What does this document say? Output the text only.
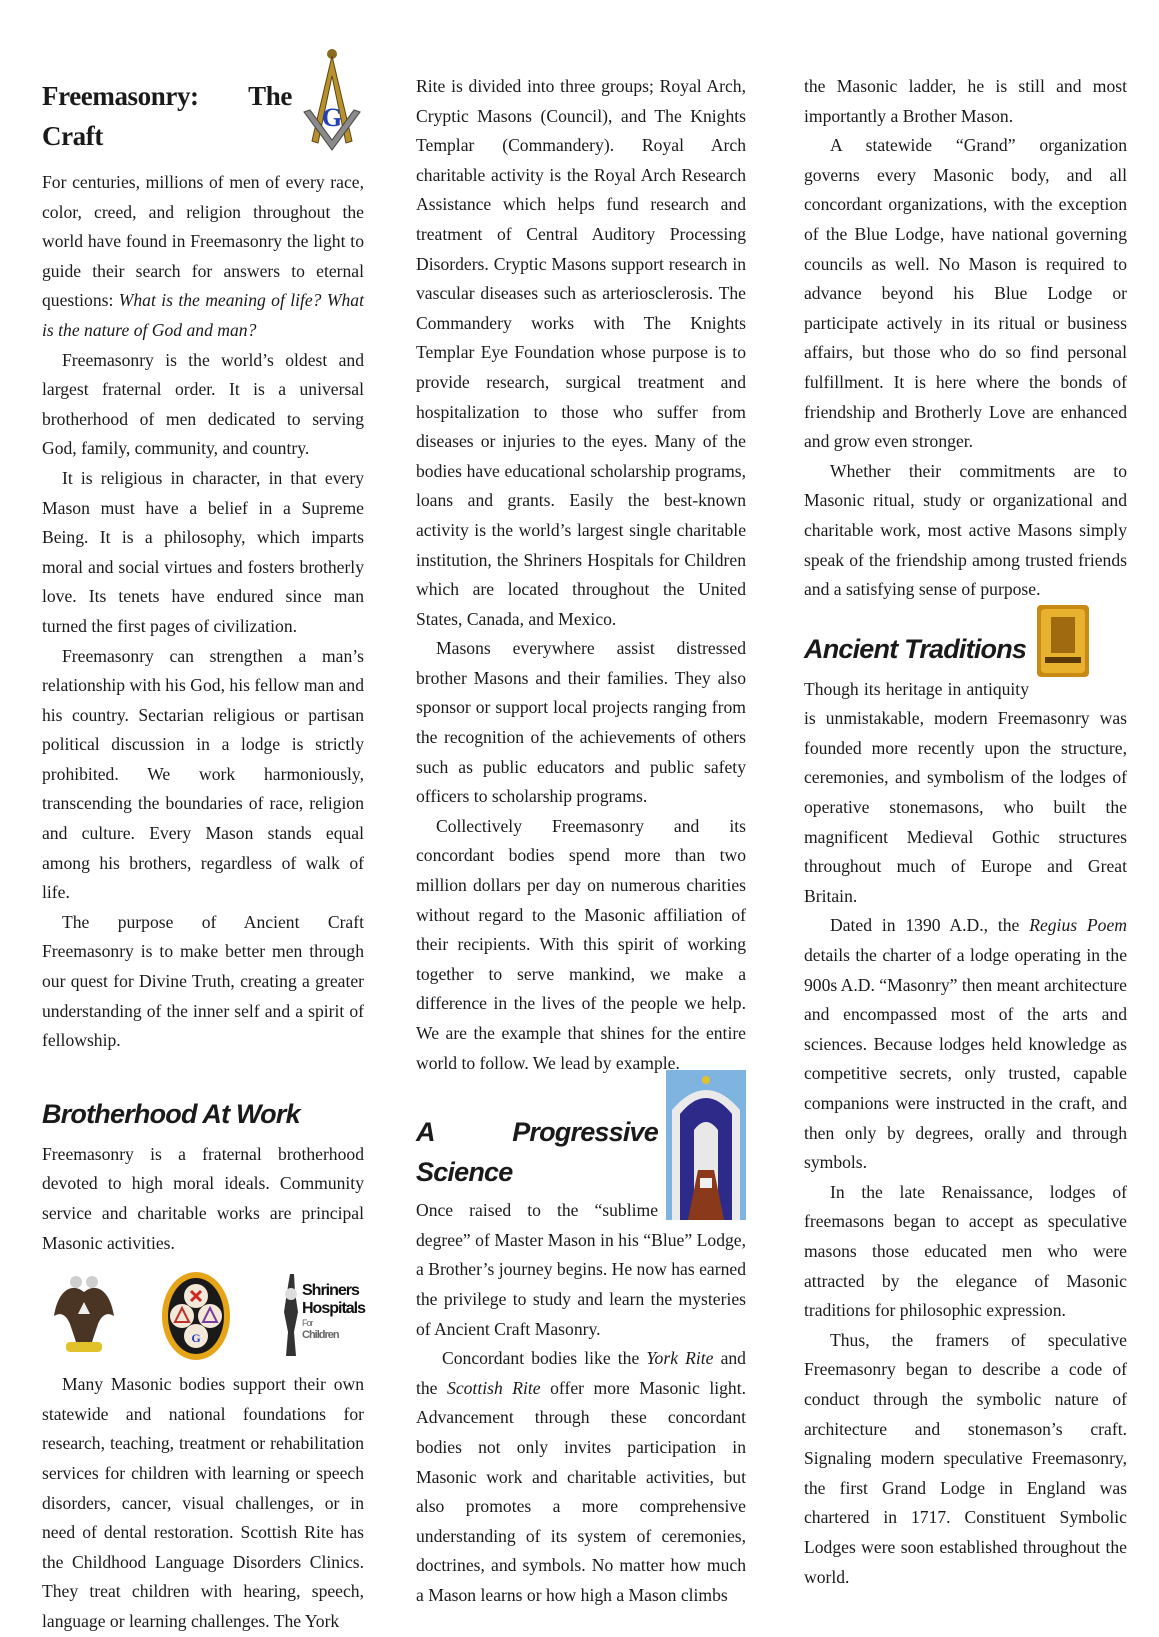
G
Freemasonry: The Craft

For centuries, millions of men of every race, color, creed, and religion throughout the world have found in Freemasonry the light to guide their search for answers to eternal questions: What is the meaning of life? What is the nature of God and man?

Freemasonry is the world’s oldest and largest fraternal order. It is a universal brotherhood of men dedicated to serving God, family, community, and country.

It is religious in character, in that every Mason must have a belief in a Supreme Being. It is a philosophy, which imparts moral and social virtues and fosters brotherly love. Its tenets have endured since man turned the first pages of civilization.

Freemasonry can strengthen a man’s relationship with his God, his fellow man and his country. Sectarian religious or partisan political discussion in a lodge is strictly prohibited. We work harmoniously, transcending the boundaries of race, religion and culture. Every Mason stands equal among his brothers, regardless of walk of life.

The purpose of Ancient Craft Freemasonry is to make better men through our quest for Divine Truth, creating a greater understanding of the inner self and a spirit of fellowship.

Brotherhood At Work

Freemasonry is a fraternal brotherhood devoted to high moral ideals. Community service and charitable works are principal Masonic activities.

G
Shriners
Hospitals
For
Children

Many Masonic bodies support their own statewide and national foundations for research, teaching, treatment or rehabilitation services for children with learning or speech disorders, cancer, visual challenges, or in need of dental restoration. Scottish Rite has the Childhood Language Disorders Clinics. They treat children with hearing, speech, language or learning challenges. The York

Rite is divided into three groups; Royal Arch, Cryptic Masons (Council), and The Knights Templar (Commandery). Royal Arch charitable activity is the Royal Arch Research Assistance which helps fund research and treatment of Central Auditory Processing Disorders. Cryptic Masons support research in vascular diseases such as arteriosclerosis. The Commandery works with The Knights Templar Eye Foundation whose purpose is to provide research, surgical treatment and hospitalization to those who suffer from diseases or injuries to the eyes. Many of the bodies have educational scholarship programs, loans and grants. Easily the best-known activity is the world’s largest single charitable institution, the Shriners Hospitals for Children which are located throughout the United States, Canada, and Mexico.

Masons everywhere assist distressed brother Masons and their families. They also sponsor or support local projects ranging from the recognition of the achievements of others such as public educators and public safety officers to scholarship programs.

Collectively Freemasonry and its concordant bodies spend more than two million dollars per day on numerous charities without regard to the Masonic affiliation of their recipients. With this spirit of working together to serve mankind, we make a difference in the lives of the people we help. We are the example that shines for the entire world to follow. We lead by example.

A Progressive Science

Once raised to the “sublime degree” of Master Mason in his “Blue” Lodge, a Brother’s journey begins. He now has earned the privilege to study and learn the mysteries of Ancient Craft Masonry.

Concordant bodies like the York Rite and the Scottish Rite offer more Masonic light. Advancement through these concordant bodies not only invites participation in Masonic work and charitable activities, but also promotes a more comprehensive understanding of its system of ceremonies, doctrines, and symbols. No matter how much a Mason learns or how high a Mason climbs

the Masonic ladder, he is still and most importantly a Brother Mason.

A statewide “Grand” organization governs every Masonic body, and all concordant organizations, with the exception of the Blue Lodge, have national governing councils as well. No Mason is required to advance beyond his Blue Lodge or participate actively in its ritual or business affairs, but those who do so find personal fulfillment. It is here where the bonds of friendship and Brotherly Love are enhanced and grow even stronger.

Whether their commitments are to Masonic ritual, study or organizational and charitable work, most active Masons simply speak of the friendship among trusted friends and a satisfying sense of purpose.

Ancient Traditions

Though its heritage in antiquity is unmistakable, modern Freemasonry was founded more recently upon the structure, ceremonies, and symbolism of the lodges of operative stonemasons, who built the magnificent Medieval Gothic structures throughout much of Europe and Great Britain.

Dated in 1390 A.D., the Regius Poem details the charter of a lodge operating in the 900s A.D. “Masonry” then meant architecture and encompassed most of the arts and sciences. Because lodges held knowledge as competitive secrets, only trusted, capable companions were instructed in the craft, and then only by degrees, orally and through symbols.

In the late Renaissance, lodges of freemasons began to accept as speculative masons those educated men who were attracted by the elegance of Masonic traditions for philosophic expression.

Thus, the framers of speculative Freemasonry began to describe a code of conduct through the symbolic nature of architecture and stonemason’s craft. Signaling modern speculative Freemasonry, the first Grand Lodge in England was chartered in 1717. Constituent Symbolic Lodges were soon established throughout the world.
